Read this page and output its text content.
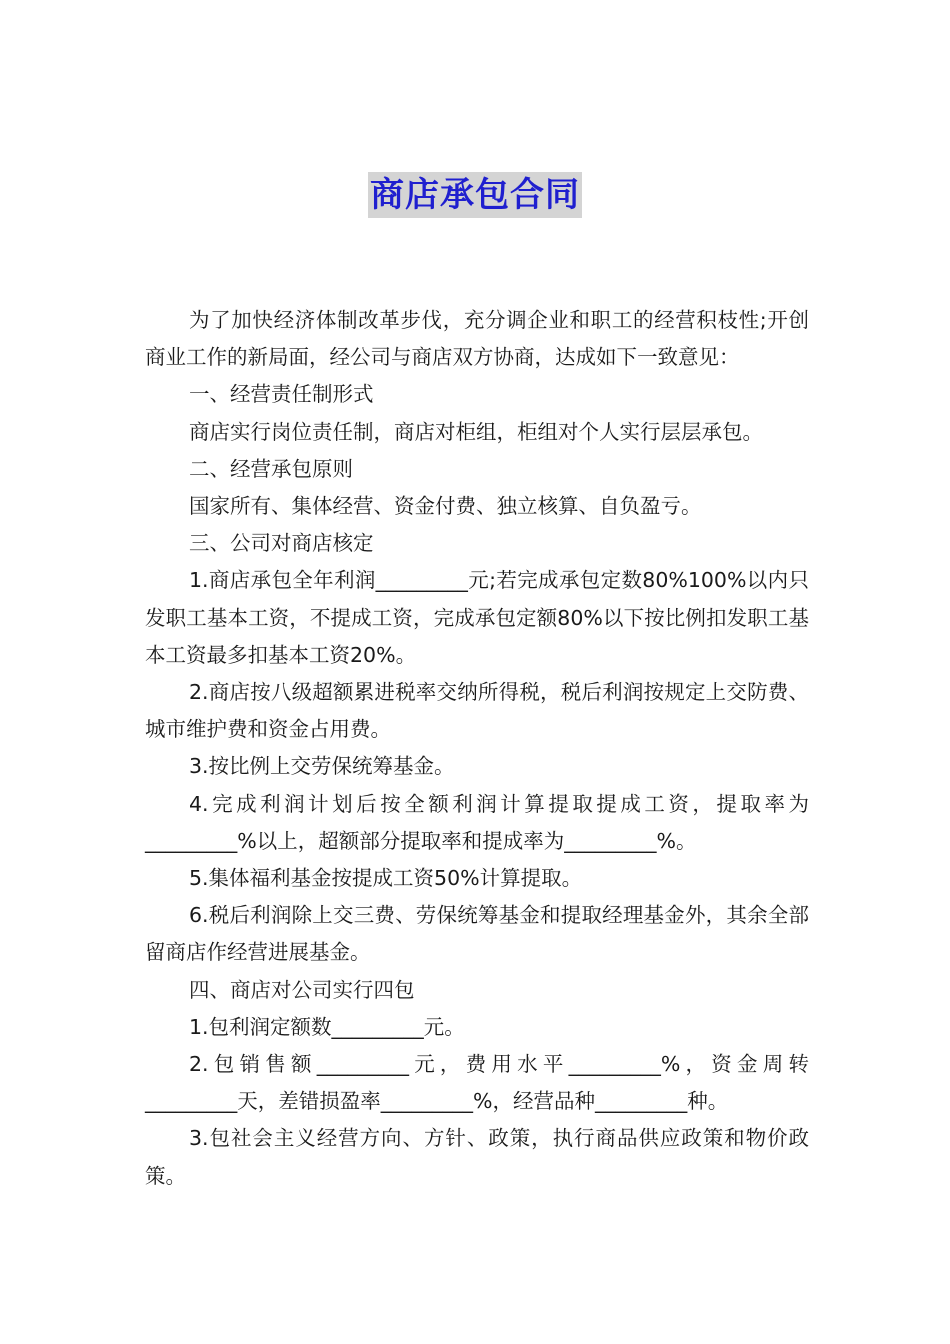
商店承包合同

为了加快经济体制改革步伐，充分调企业和职工的经营积枝性;开创商业工作的新局面，经公司与商店双方协商，达成如下一致意见：

一、经营责任制形式

商店实行岗位责任制，商店对柜组，柜组对个人实行层层承包。

二、经营承包原则

国家所有、集体经营、资金付费、独立核算、自负盈亏。

三、公司对商店核定

1.商店承包全年利润_________元;若完成承包定数80%100%以内只发职工基本工资，不提成工资，完成承包定额80%以下按比例扣发职工基本工资最多扣基本工资20%。

2.商店按八级超额累进税率交纳所得税，税后利润按规定上交防费、城市维护费和资金占用费。

3.按比例上交劳保统筹基金。

4.完成利润计划后按全额利润计算提取提成工资，提取率为_________%以上，超额部分提取率和提成率为_________%。

5.集体福利基金按提成工资50%计算提取。

6.税后利润除上交三费、劳保统筹基金和提取经理基金外，其余全部留商店作经营进展基金。

四、商店对公司实行四包

1.包利润定额数_________元。

2.包销售额_________元，费用水平_________%，资金周转_________天，差错损盈率_________%，经营品种_________种。

3.包社会主义经营方向、方针、政策，执行商品供应政策和物价政策。
